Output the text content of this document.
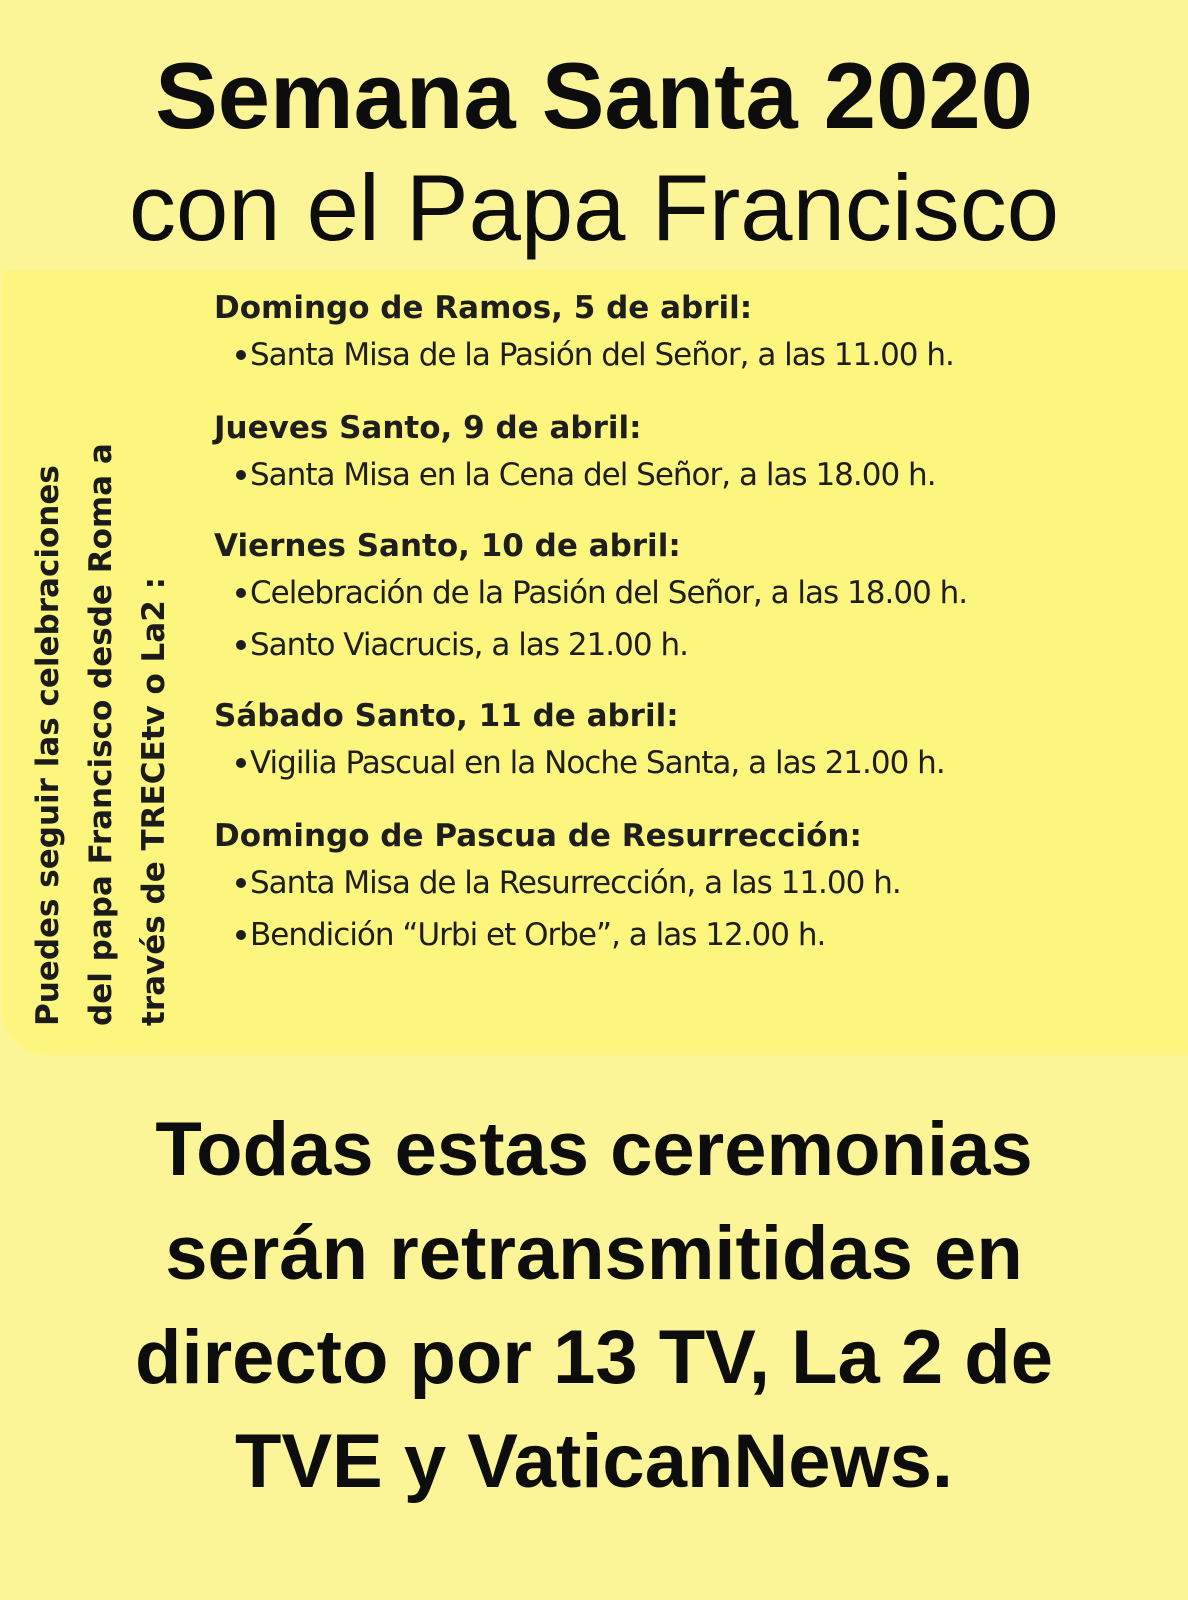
Semana Santa 2020
con el Papa Francisco
Puedes seguir las celebraciones del papa Francisco desde Roma a través de TRECEtv o La2 :
Domingo de Ramos, 5 de abril:
Santa Misa de la Pasión del Señor, a las 11.00 h.
Jueves Santo, 9 de abril:
Santa Misa en la Cena del Señor, a las 18.00 h.
Viernes Santo, 10 de abril:
Celebración de la Pasión del Señor, a las 18.00 h.
Santo Viacrucis, a las 21.00 h.
Sábado Santo, 11 de abril:
Vigilia Pascual en la Noche Santa, a las 21.00 h.
Domingo de Pascua de Resurrección:
Santa Misa de la Resurrección, a las 11.00 h.
Bendición “Urbi et Orbe”, a las 12.00 h.
Todas estas ceremonias
serán retransmitidas en
directo por 13 TV, La 2 de
TVE y VaticanNews.
